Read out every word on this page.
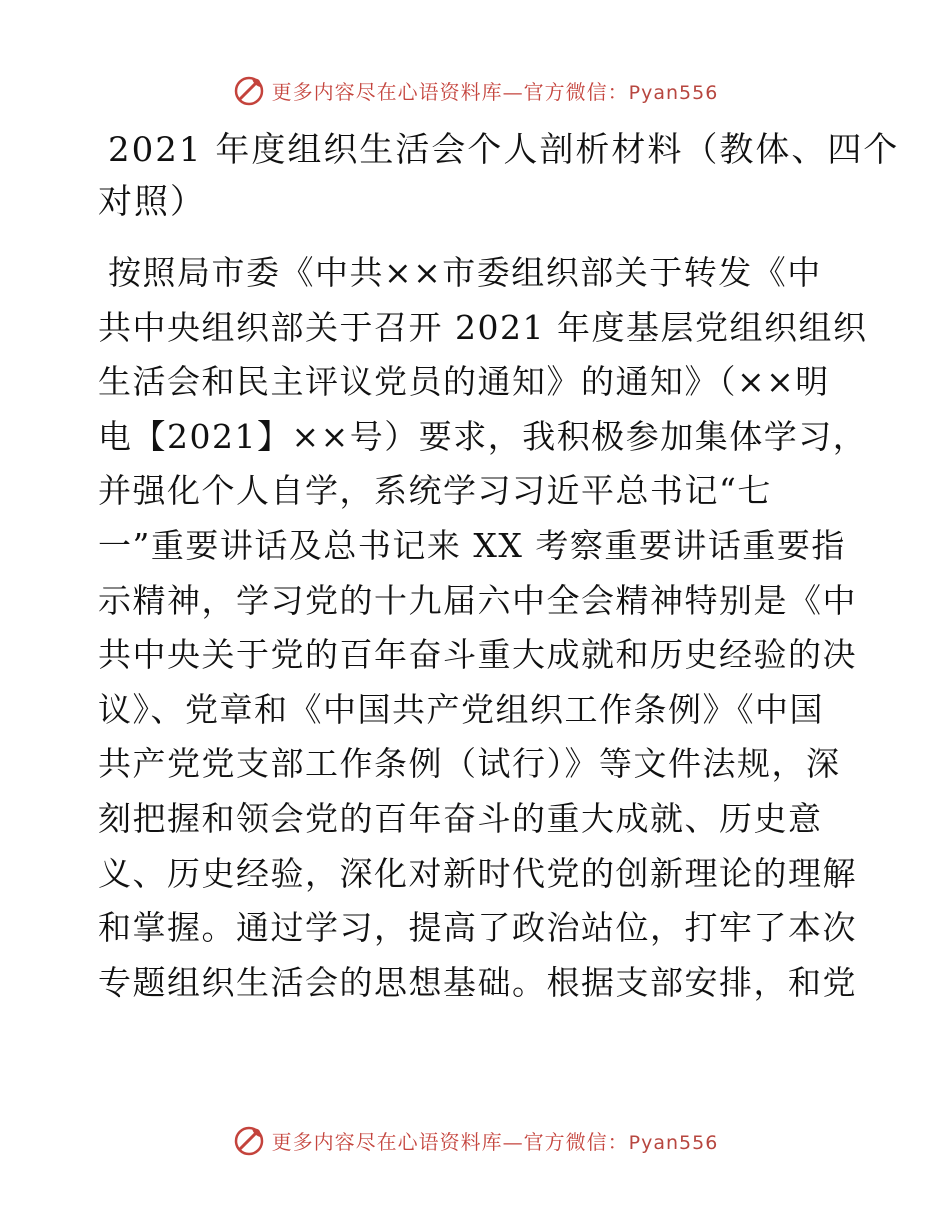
更多内容尽在心语资料库—官方微信：Pyan556
2021 年度组织生活会个人剖析材料（教体、四个
对照）
按照局市委《中共××市委组织部关于转发《中
共中央组织部关于召开 2021 年度基层党组织组织
生活会和民主评议党员的通知》的通知》（××明
电【2021】××号）要求，我积极参加集体学习，
并强化个人自学，系统学习习近平总书记“七
一”重要讲话及总书记来 XX 考察重要讲话重要指
示精神，学习党的十九届六中全会精神特别是《中
共中央关于党的百年奋斗重大成就和历史经验的决
议》、党章和《中国共产党组织工作条例》《中国
共产党党支部工作条例（试行）》等文件法规，深
刻把握和领会党的百年奋斗的重大成就、历史意
义、历史经验，深化对新时代党的创新理论的理解
和掌握。通过学习，提高了政治站位，打牢了本次
专题组织生活会的思想基础。根据支部安排，和党
更多内容尽在心语资料库—官方微信：Pyan556
